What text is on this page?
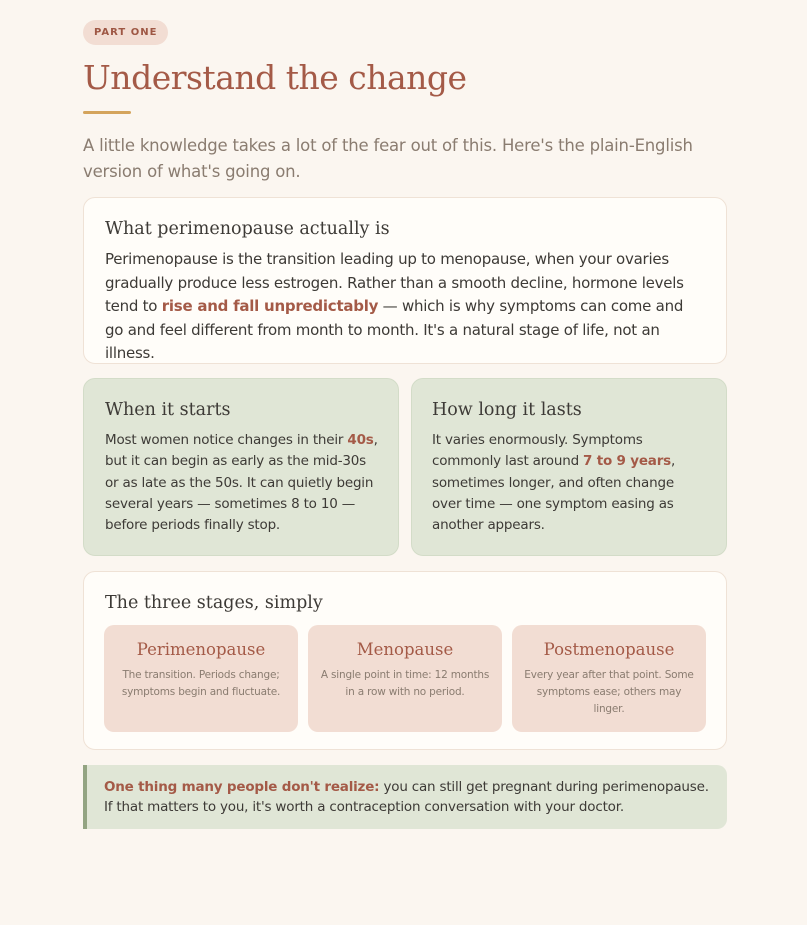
PART ONE
Understand the change

A little knowledge takes a lot of the fear out of this. Here's the plain-English version of what's going on.

What perimenopause actually is

Perimenopause is the transition leading up to menopause, when your ovaries gradually produce less estrogen. Rather than a smooth decline, hormone levels tend to rise and fall unpredictably — which is why symptoms can come and go and feel different from month to month. It's a natural stage of life, not an illness.

When it starts

Most women notice changes in their 40s, but it can begin as early as the mid-30s or as late as the 50s. It can quietly begin several years — sometimes 8 to 10 — before periods finally stop.

How long it lasts

It varies enormously. Symptoms commonly last around 7 to 9 years, sometimes longer, and often change over time — one symptom easing as another appears.

The three stages, simply
Perimenopause

The transition. Periods change; symptoms begin and fluctuate.

Menopause

A single point in time: 12 months in a row with no period.

Postmenopause

Every year after that point. Some symptoms ease; others may linger.

One thing many people don't realize: you can still get pregnant during perimenopause. If that matters to you, it's worth a contraception conversation with your doctor.
